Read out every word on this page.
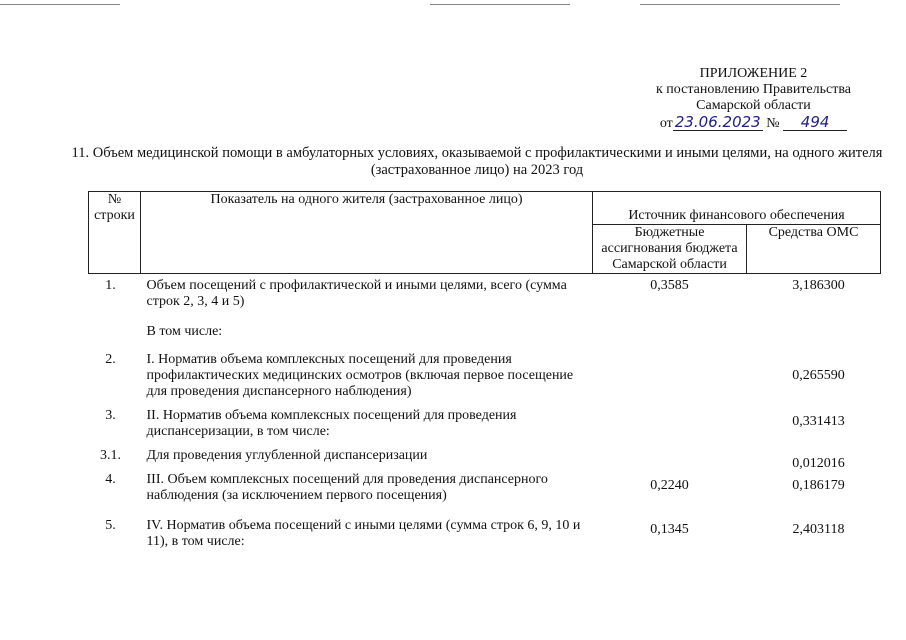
ПРИЛОЖЕНИЕ 2
к постановлению Правительства
Самарской области
от 23.06.2023 № 494
11. Объем медицинской помощи в амбулаторных условиях, оказываемой с профилактическими и иными целями, на одного жителя (застрахованное лицо) на 2023 год
№ строки	Показатель на одного жителя (застрахованное лицо)	Источник финансового обеспечения	
		Бюджетные ассигнования бюджета Самарской области	Средства ОМС
1.	Объем посещений с профилактической и иными целями, всего (сумма строк 2, 3, 4 и 5)	0,3585	3,186300
	В том числе:		
2.	I. Норматив объема комплексных посещений для проведения профилактических медицинских осмотров (включая первое посещение для проведения диспансерного наблюдения)		0,265590
3.	II. Норматив объема комплексных посещений для проведения диспансеризации, в том числе:		0,331413
3.1.	Для проведения углубленной диспансеризации		0,012016
4.	III. Объем комплексных посещений для проведения диспансерного наблюдения (за исключением первого посещения)	0,2240	0,186179
5.	IV. Норматив объема посещений с иными целями (сумма строк 6, 9, 10 и 11), в том числе:	0,1345	2,403118
